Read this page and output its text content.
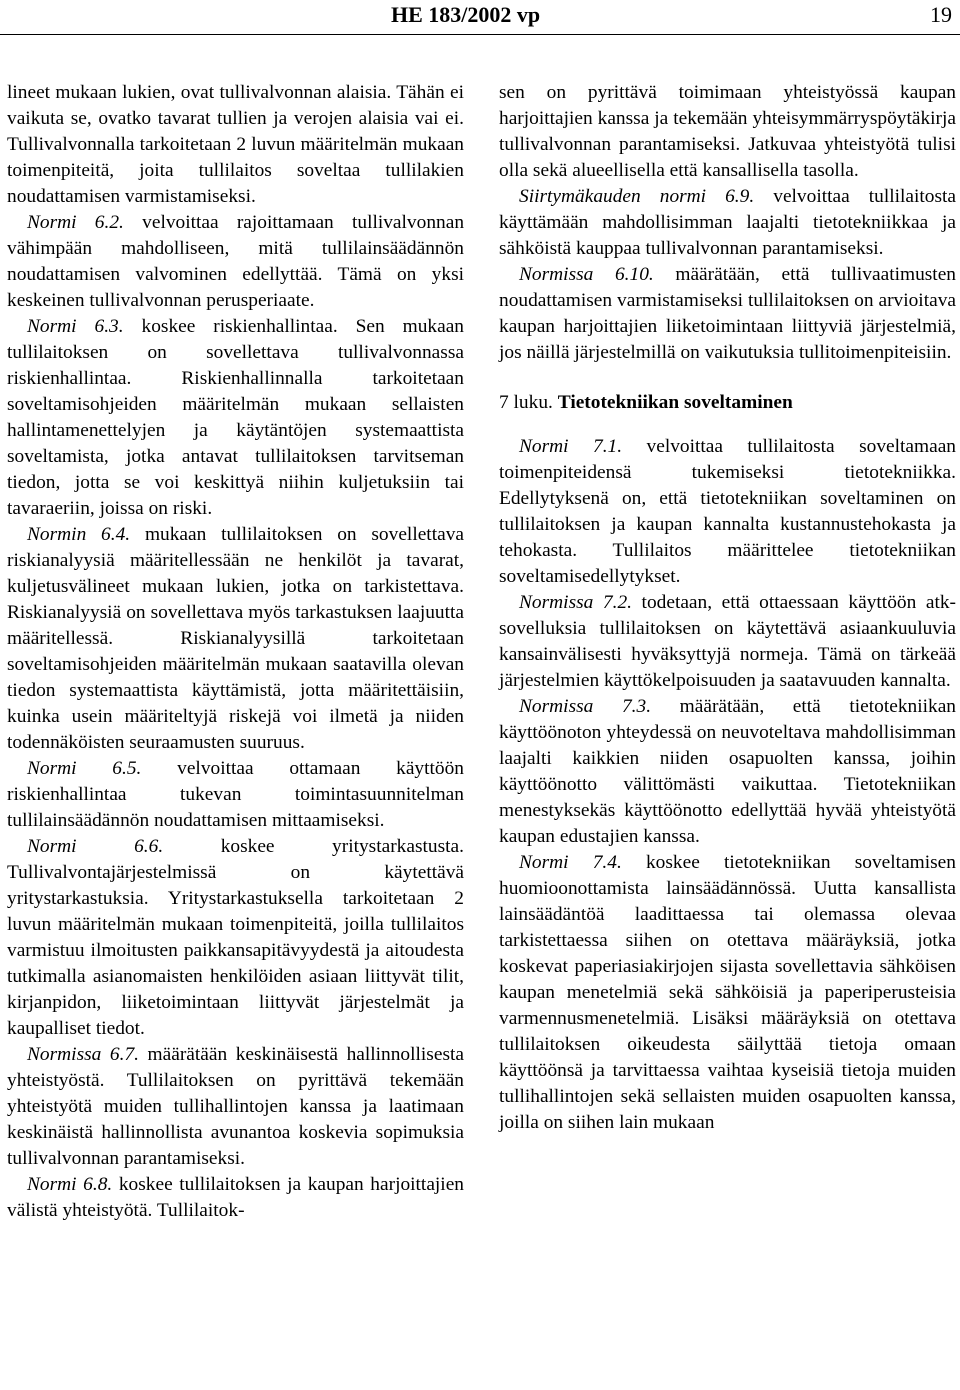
HE 183/2002 vp	19

lineet mukaan lukien, ovat tullivalvonnan alaisia. Tähän ei vaikuta se, ovatko tavarat tullien ja verojen alaisia vai ei. Tullivalvonnalla tarkoitetaan 2 luvun määritelmän mukaan toimenpiteitä, joita tullilaitos soveltaa tullilakien noudattamisen varmistamiseksi.

Normi 6.2. velvoittaa rajoittamaan tullivalvonnan vähimpään mahdolliseen, mitä tullilainsäädännön noudattamisen valvominen edellyttää. Tämä on yksi keskeinen tullivalvonnan perusperiaate.

Normi 6.3. koskee riskienhallintaa. Sen mukaan tullilaitoksen on sovellettava tullivalvonnassa riskienhallintaa. Riskienhallinnalla tarkoitetaan soveltamisohjeiden määritelmän mukaan sellaisten hallintamenettelyjen ja käytäntöjen systemaattista soveltamista, jotka antavat tullilaitoksen tarvitseman tiedon, jotta se voi keskittyä niihin kuljetuksiin tai tavaraeriin, joissa on riski.

Normin 6.4. mukaan tullilaitoksen on sovellettava riskianalyysiä määritellessään ne henkilöt ja tavarat, kuljetusvälineet mukaan lukien, jotka on tarkistettava. Riskianalyysiä on sovellettava myös tarkastuksen laajuutta määritellessä. Riskianalyysillä tarkoitetaan soveltamisohjeiden määritelmän mukaan saatavilla olevan tiedon systemaattista käyttämistä, jotta määritettäisiin, kuinka usein määriteltyjä riskejä voi ilmetä ja niiden todennäköisten seuraamusten suuruus.

Normi 6.5. velvoittaa ottamaan käyttöön riskienhallintaa tukevan toimintasuunnitelman tullilainsäädännön noudattamisen mittaamiseksi.

Normi 6.6. koskee yritystarkastusta. Tullivalvontajärjestelmissä on käytettävä yritystarkastuksia. Yritystarkastuksella tarkoitetaan 2 luvun määritelmän mukaan toimenpiteitä, joilla tullilaitos varmistuu ilmoitusten paikkansapitävyydestä ja aitoudesta tutkimalla asianomaisten henkilöiden asiaan liittyvät tilit, kirjanpidon, liiketoimintaan liittyvät järjestelmät ja kaupalliset tiedot.

Normissa 6.7. määrätään keskinäisestä hallinnollisesta yhteistyöstä. Tullilaitoksen on pyrittävä tekemään yhteistyötä muiden tullihallintojen kanssa ja laatimaan keskinäistä hallinnollista avunantoa koskevia sopimuksia tullivalvonnan parantamiseksi.

Normi 6.8. koskee tullilaitoksen ja kaupan harjoittajien välistä yhteistyötä. Tullilaitok-

sen on pyrittävä toimimaan yhteistyössä kaupan harjoittajien kanssa ja tekemään yhteisymmärryspöytäkirja tullivalvonnan parantamiseksi. Jatkuvaa yhteistyötä tulisi olla sekä alueellisella että kansallisella tasolla.

Siirtymäkauden normi 6.9. velvoittaa tullilaitosta käyttämään mahdollisimman laajalti tietotekniikkaa ja sähköistä kauppaa tullivalvonnan parantamiseksi.

Normissa 6.10. määrätään, että tullivaatimusten noudattamisen varmistamiseksi tullilaitoksen on arvioitava kaupan harjoittajien liiketoimintaan liittyviä järjestelmiä, jos näillä järjestelmillä on vaikutuksia tullitoimenpiteisiin.

7 luku. Tietotekniikan soveltaminen

Normi 7.1. velvoittaa tullilaitosta soveltamaan toimenpiteidensä tukemiseksi tietotekniikka. Edellytyksenä on, että tietotekniikan soveltaminen on tullilaitoksen ja kaupan kannalta kustannustehokasta ja tehokasta. Tullilaitos määrittelee tietotekniikan soveltamisedellytykset.

Normissa 7.2. todetaan, että ottaessaan käyttöön atk-sovelluksia tullilaitoksen on käytettävä asiaankuuluvia kansainvälisesti hyväksyttyjä normeja. Tämä on tärkeää järjestelmien käyttökelpoisuuden ja saatavuuden kannalta.

Normissa 7.3. määrätään, että tietotekniikan käyttöönoton yhteydessä on neuvoteltava mahdollisimman laajalti kaikkien niiden osapuolten kanssa, joihin käyttöönotto välittömästi vaikuttaa. Tietotekniikan menestyksekäs käyttöönotto edellyttää hyvää yhteistyötä kaupan edustajien kanssa.

Normi 7.4. koskee tietotekniikan soveltamisen huomioonottamista lainsäädännössä. Uutta kansallista lainsäädäntöä laadittaessa tai olemassa olevaa tarkistettaessa siihen on otettava määräyksiä, jotka koskevat paperiasiakirjojen sijasta sovellettavia sähköisen kaupan menetelmiä sekä sähköisiä ja paperiperusteisia varmennusmenetelmiä. Lisäksi määräyksiä on otettava tullilaitoksen oikeudesta säilyttää tietoja omaan käyttöönsä ja tarvittaessa vaihtaa kyseisiä tietoja muiden tullihallintojen sekä sellaisten muiden osapuolten kanssa, joilla on siihen lain mukaan
